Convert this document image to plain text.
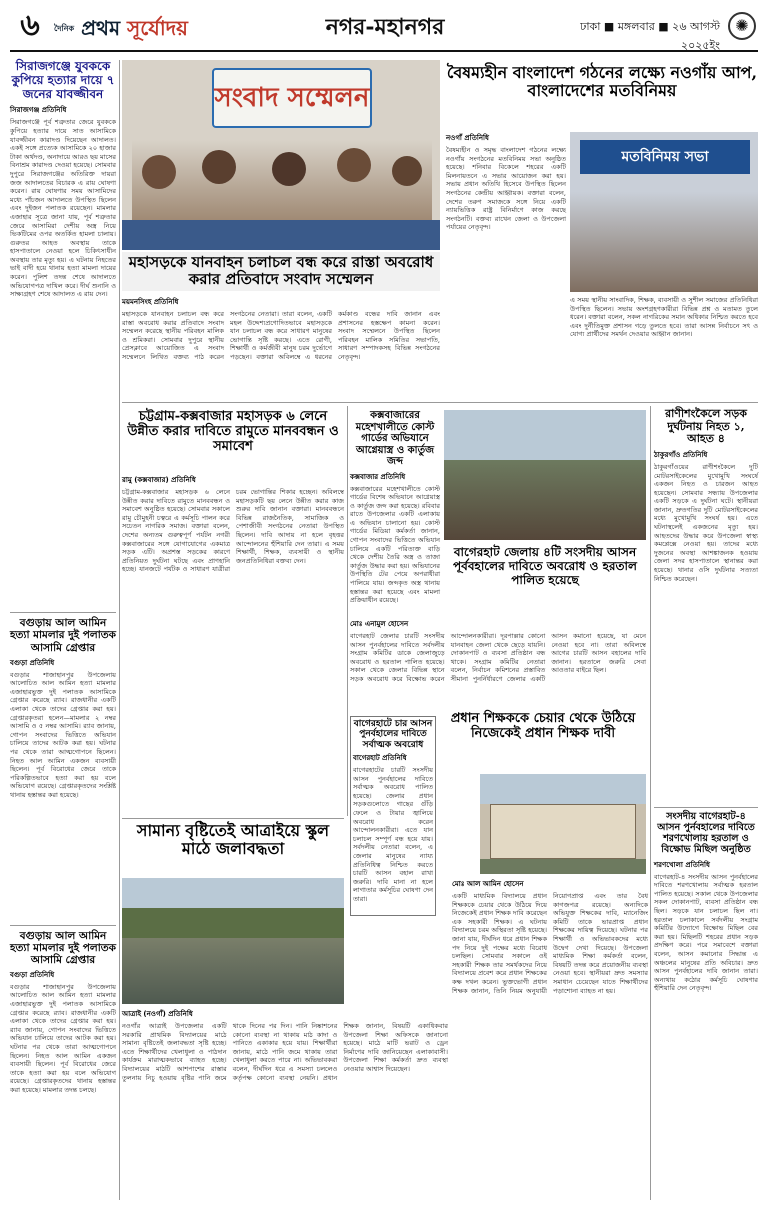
৬	$^{দৈনিক}$ প্রথম সূর্যোদয়	নগর-মহানগর	ঢাকা ■ মঙ্গলবার ■ ২৬ আগস্ট ২০২৫ইং
✺
সিরাজগঞ্জে যুবককে কুপিয়ে হত্যার দায়ে ৭ জনের যাবজ্জীবন
সিরাজগঞ্জ প্রতিনিধি
সিরাজগঞ্জে পূর্ব শত্রুতার জেরে যুবককে কুপিয়ে হত্যার দায়ে সাত আসামিকে যাবজ্জীবন কারাদণ্ড দিয়েছেন আদালত। একই সঙ্গে প্রত্যেক আসামিকে ২০ হাজার টাকা অর্থদণ্ড, অনাদায়ে আরও ছয় মাসের বিনাশ্রম কারাদণ্ড দেওয়া হয়েছে। সোমবার দুপুরে সিরাজগঞ্জের অতিরিক্ত দায়রা জজ আদালতের বিচারক এ রায় ঘোষণা করেন। রায় ঘোষণার সময় আসামিদের মধ্যে পাঁচজন আদালতে উপস্থিত ছিলেন এবং দুইজন পলাতক রয়েছেন। মামলার এজাহার সূত্রে জানা যায়, পূর্ব শত্রুতার জেরে আসামিরা দেশীয় অস্ত্র নিয়ে ভিকটিমের ওপর অতর্কিত হামলা চালায়। গুরুতর আহত অবস্থায় তাকে হাসপাতালে নেওয়া হলে চিকিৎসাধীন অবস্থায় তার মৃত্যু হয়। এ ঘটনায় নিহতের ভাই বাদী হয়ে থানায় হত্যা মামলা দায়ের করেন। পুলিশ তদন্ত শেষে আদালতে অভিযোগপত্র দাখিল করে। দীর্ঘ শুনানি ও সাক্ষ্যগ্রহণ শেষে আদালত এ রায় দেন।
বগুড়ায় আল আমিন হত্যা মামলার দুই পলাতক আসামি গ্রেপ্তার
বগুড়া প্রতিনিধি
বগুড়ার শাজাহানপুর উপজেলায় আলোচিত আল আমিন হত্যা মামলার এজাহারভুক্ত দুই পলাতক আসামিকে গ্রেপ্তার করেছে র‍্যাব। রাজধানীর একটি এলাকা থেকে তাদের গ্রেপ্তার করা হয়। গ্রেপ্তারকৃতরা হলেন—মামলার ২ নম্বর আসামি ও ৫ নম্বর আসামি। র‍্যাব জানায়, গোপন সংবাদের ভিত্তিতে অভিযান চালিয়ে তাদের আটক করা হয়। ঘটনার পর থেকে তারা আত্মগোপনে ছিলেন। নিহত আল আমিন একজন ব্যবসায়ী ছিলেন। পূর্ব বিরোধের জেরে তাকে পরিকল্পিতভাবে হত্যা করা হয় বলে অভিযোগ রয়েছে। গ্রেপ্তারকৃতদের সংশ্লিষ্ট থানায় হস্তান্তর করা হয়েছে।
বগুড়ায় আল আমিন হত্যা মামলার দুই পলাতক আসামি গ্রেপ্তার
বগুড়া প্রতিনিধি
বগুড়ার শাজাহানপুর উপজেলায় আলোচিত আল আমিন হত্যা মামলার এজাহারভুক্ত দুই পলাতক আসামিকে গ্রেপ্তার করেছে র‍্যাব। রাজধানীর একটি এলাকা থেকে তাদের গ্রেপ্তার করা হয়। র‍্যাব জানায়, গোপন সংবাদের ভিত্তিতে অভিযান চালিয়ে তাদের আটক করা হয়। ঘটনার পর থেকে তারা আত্মগোপনে ছিলেন। নিহত আল আমিন একজন ব্যবসায়ী ছিলেন। পূর্ব বিরোধের জেরে তাকে হত্যা করা হয় বলে অভিযোগ রয়েছে। গ্রেপ্তারকৃতদের থানায় হস্তান্তর করা হয়েছে। মামলার তদন্ত চলছে।
সংবাদ সম্মেলন
মহাসড়কে যানবাহন চলাচল বন্ধ করে রাস্তা অবরোধ করার প্রতিবাদে সংবাদ সম্মেলন
ময়মনসিংহ প্রতিনিধি
মহাসড়কে যানবাহন চলাচল বন্ধ করে রাস্তা অবরোধ করার প্রতিবাদে সংবাদ সম্মেলন করেছে স্থানীয় পরিবহন মালিক ও শ্রমিকরা। সোমবার দুপুরে স্থানীয় প্রেসক্লাবে আয়োজিত এ সংবাদ সম্মেলনে লিখিত বক্তব্য পাঠ করেন সংগঠনের নেতারা। তারা বলেন, একটি মহল উদ্দেশ্যপ্রণোদিতভাবে মহাসড়কে যান চলাচল বন্ধ করে সাধারণ মানুষের ভোগান্তি সৃষ্টি করছে। এতে রোগী, শিক্ষার্থী ও কর্মজীবী মানুষ চরম দুর্ভোগে পড়ছেন। বক্তারা অবিলম্বে এ ধরনের কর্মকাণ্ড বন্ধের দাবি জানান এবং প্রশাসনের হস্তক্ষেপ কামনা করেন। সংবাদ সম্মেলনে উপস্থিত ছিলেন পরিবহন মালিক সমিতির সভাপতি, সাধারণ সম্পাদকসহ বিভিন্ন সংগঠনের নেতৃবৃন্দ।
বৈষম্যহীন বাংলাদেশ গঠনের লক্ষ্যে নওগাঁয় আপ, বাংলাদেশের মতবিনিময়
নওগাঁ প্রতিনিধি
বৈষম্যহীন ও সমৃদ্ধ বাংলাদেশ গঠনের লক্ষ্যে নওগাঁয় সংগঠনের মতবিনিময় সভা অনুষ্ঠিত হয়েছে। শনিবার বিকেলে শহরের একটি মিলনায়তনে এ সভার আয়োজন করা হয়। সভায় প্রধান অতিথি হিসেবে উপস্থিত ছিলেন সংগঠনের কেন্দ্রীয় আহ্বায়ক। বক্তারা বলেন, দেশের তরুণ সমাজকে সঙ্গে নিয়ে একটি ন্যায়ভিত্তিক রাষ্ট্র বিনির্মাণে কাজ করছে সংগঠনটি। বক্তব্য রাখেন জেলা ও উপজেলা পর্যায়ের নেতৃবৃন্দ।
মতবিনিময় সভা
এ সময় স্থানীয় সাংবাদিক, শিক্ষক, ব্যবসায়ী ও সুশীল সমাজের প্রতিনিধিরা উপস্থিত ছিলেন। সভায় অংশগ্রহণকারীরা বিভিন্ন প্রশ্ন ও মতামত তুলে ধরেন। বক্তারা বলেন, সকল নাগরিকের সমান অধিকার নিশ্চিত করতে হবে এবং দুর্নীতিমুক্ত প্রশাসন গড়ে তুলতে হবে। তারা আসন্ন নির্বাচনে সৎ ও যোগ্য প্রার্থীদের সমর্থন দেওয়ার আহ্বান জানান।
রাণীশংকৈলে সড়ক দুর্ঘটনায় নিহত ১, আহত ৪
ঠাকুরগাঁও প্রতিনিধি
ঠাকুরগাঁওয়ের রাণীশংকৈলে দুটি মোটরসাইকেলের মুখোমুখি সংঘর্ষে একজন নিহত ও চারজন আহত হয়েছেন। সোমবার সন্ধ্যায় উপজেলার একটি সড়কে এ দুর্ঘটনা ঘটে। স্থানীয়রা জানান, দ্রুতগতির দুটি মোটরসাইকেলের মধ্যে মুখোমুখি সংঘর্ষ হয়। এতে ঘটনাস্থলেই একজনের মৃত্যু হয়। আহতদের উদ্ধার করে উপজেলা স্বাস্থ্য কমপ্লেক্সে নেওয়া হয়। তাদের মধ্যে দুজনের অবস্থা আশঙ্কাজনক হওয়ায় জেলা সদর হাসপাতালে স্থানান্তর করা হয়েছে। থানার ওসি দুর্ঘটনার সত্যতা নিশ্চিত করেছেন।
সংসদীয় বাগেরহাট-৪ আসন পুর্নবহালের দাবিতে শরণখোলায় হরতাল ও বিক্ষোভ মিছিল অনুষ্ঠিত
শরণখোলা প্রতিনিধি
বাগেরহাট-৪ সংসদীয় আসন পুনর্বহালের দাবিতে শরণখোলায় সর্বাত্মক হরতাল পালিত হয়েছে। সকাল থেকে উপজেলার সকল দোকানপাট, ব্যবসা প্রতিষ্ঠান বন্ধ ছিল। সড়কে যান চলাচল ছিল না। হরতাল চলাকালে সর্বদলীয় সংগ্রাম কমিটির উদ্যোগে বিক্ষোভ মিছিল বের করা হয়। মিছিলটি শহরের প্রধান সড়ক প্রদক্ষিণ করে। পরে সমাবেশে বক্তারা বলেন, আসন কমানোর সিদ্ধান্ত এ অঞ্চলের মানুষের প্রতি অবিচার। দ্রুত আসন পুনর্বহালের দাবি জানান তারা। অন্যথায় কঠোর কর্মসূচি ঘোষণার হুঁশিয়ারি দেন নেতৃবৃন্দ।
চট্টগ্রাম-কক্সবাজার মহাসড়ক ৬ লেনে উন্নীত করার দাবিতে রামুতে মানববন্ধন ও সমাবেশ
রামু (কক্সবাজার) প্রতিনিধি
চট্টগ্রাম-কক্সবাজার মহাসড়ক ৬ লেনে উন্নীত করার দাবিতে রামুতে মানববন্ধন ও সমাবেশ অনুষ্ঠিত হয়েছে। সোমবার সকালে রামু চৌমুহনী চত্বরে এ কর্মসূচি পালন করে সচেতন নাগরিক সমাজ। বক্তারা বলেন, দেশের অন্যতম গুরুত্বপূর্ণ পর্যটন নগরী কক্সবাজারের সঙ্গে যোগাযোগের একমাত্র সড়ক এটি। অপ্রশস্ত সড়কের কারণে প্রতিনিয়ত দুর্ঘটনা ঘটছে এবং প্রাণহানি হচ্ছে। যানজটে পর্যটক ও সাধারণ যাত্রীরা চরম ভোগান্তির শিকার হচ্ছেন। অবিলম্বে মহাসড়কটি ছয় লেনে উন্নীত করার কাজ শুরুর দাবি জানান বক্তারা। মানববন্ধনে বিভিন্ন রাজনৈতিক, সামাজিক ও পেশাজীবী সংগঠনের নেতারা উপস্থিত ছিলেন। দাবি আদায় না হলে বৃহত্তর আন্দোলনের হুঁশিয়ারি দেন তারা। এ সময় শিক্ষার্থী, শিক্ষক, ব্যবসায়ী ও স্থানীয় জনপ্রতিনিধিরা বক্তব্য দেন।
কক্সবাজারের মহেশখালীতে কোস্ট গার্ডের অভিযানে
আগ্নেয়াস্ত্র ও কার্তুজ জব্দ
কক্সবাজার প্রতিনিধি
কক্সবাজারের মহেশখালীতে কোস্ট গার্ডের বিশেষ অভিযানে আগ্নেয়াস্ত্র ও কার্তুজ জব্দ করা হয়েছে। রবিবার রাতে উপজেলার একটি এলাকায় এ অভিযান চালানো হয়। কোস্ট গার্ডের মিডিয়া কর্মকর্তা জানান, গোপন সংবাদের ভিত্তিতে অভিযান চালিয়ে একটি পরিত্যক্ত বাড়ি থেকে দেশীয় তৈরি অস্ত্র ও তাজা কার্তুজ উদ্ধার করা হয়। অভিযানের উপস্থিতি টের পেয়ে অপরাধীরা পালিয়ে যায়। জব্দকৃত অস্ত্র থানায় হস্তান্তর করা হয়েছে এবং মামলা প্রক্রিয়াধীন রয়েছে।
বাগেরহাট জেলায় ৪টি সংসদীয় আসন পূর্ববহালের দাবিতে অবরোধ ও হরতাল পালিত হয়েছে
মোঃ এনামুল হোসেন
বাগেরহাট জেলার চারটি সংসদীয় আসন পুনর্বহালের দাবিতে সর্বদলীয় সংগ্রাম কমিটির ডাকে জেলাজুড়ে অবরোধ ও হরতাল পালিত হয়েছে। সকাল থেকে জেলার বিভিন্ন স্থানে সড়ক অবরোধ করে বিক্ষোভ করেন আন্দোলনকারীরা। দূরপাল্লার কোনো যানবাহন জেলা থেকে ছেড়ে যায়নি। দোকানপাট ও ব্যবসা প্রতিষ্ঠান বন্ধ থাকে। সংগ্রাম কমিটির নেতারা বলেন, নির্বাচন কমিশনের প্রস্তাবিত সীমানা পুনর্নির্ধারণে জেলার একটি আসন কমানো হয়েছে, যা মেনে নেওয়া হবে না। তারা অবিলম্বে আগের চারটি আসন বহালের দাবি জানান। হরতালে জরুরি সেবা আওতার বাইরে ছিল।
প্রধান শিক্ষককে চেয়ার থেকে উঠিয়ে নিজেকেই প্রধান শিক্ষক দাবী
বাগেরহাটে চার আসন পুনর্বহালের দাবিতে সর্বাত্মক অবরোধ
বাগেরহাট প্রতিনিধি
বাগেরহাটের চারটি সংসদীয় আসন পুনর্বহালের দাবিতে সর্বাত্মক অবরোধ পালিত হয়েছে। জেলার প্রধান সড়কগুলোতে গাছের গুঁড়ি ফেলে ও টায়ার জ্বালিয়ে অবরোধ করেন আন্দোলনকারীরা। এতে যান চলাচল সম্পূর্ণ বন্ধ হয়ে যায়। সর্বদলীয় নেতারা বলেন, এ জেলার মানুষের ন্যায্য প্রতিনিধিত্ব নিশ্চিত করতে চারটি আসন বহাল রাখা জরুরি। দাবি মানা না হলে লাগাতার কর্মসূচির ঘোষণা দেন তারা।
সামান্য বৃষ্টিতেই আত্রাইয়ে স্কুল মাঠে জলাবদ্ধতা
আত্রাই (নওগাঁ) প্রতিনিধি
নওগাঁর আত্রাই উপজেলার একটি সরকারি প্রাথমিক বিদ্যালয়ের মাঠে সামান্য বৃষ্টিতেই জলাবদ্ধতা সৃষ্টি হচ্ছে। এতে শিক্ষার্থীদের খেলাধুলা ও পাঠদান কার্যক্রম মারাত্মকভাবে ব্যাহত হচ্ছে। বিদ্যালয়ের মাঠটি আশপাশের রাস্তার তুলনায় নিচু হওয়ায় বৃষ্টির পানি জমে থাকে দিনের পর দিন। পানি নিষ্কাশনের কোনো ব্যবস্থা না থাকায় মাঠ কাদা ও পানিতে একাকার হয়ে যায়। শিক্ষার্থীরা জানায়, মাঠে পানি জমে থাকায় তারা খেলাধুলা করতে পারে না। অভিভাবকরা বলেন, দীর্ঘদিন ধরে এ সমস্যা চললেও কর্তৃপক্ষ কোনো ব্যবস্থা নেয়নি। প্রধান শিক্ষক জানান, বিষয়টি একাধিকবার উপজেলা শিক্ষা অফিসকে জানানো হয়েছে। মাঠে মাটি ভরাট ও ড্রেন নির্মাণের দাবি জানিয়েছেন এলাকাবাসী। উপজেলা শিক্ষা কর্মকর্তা দ্রুত ব্যবস্থা নেওয়ার আশ্বাস দিয়েছেন।
মোঃ আল আমিন হোসেন
একটি মাধ্যমিক বিদ্যালয়ে প্রধান শিক্ষককে চেয়ার থেকে উঠিয়ে দিয়ে নিজেকেই প্রধান শিক্ষক দাবি করেছেন এক সহকারী শিক্ষক। এ ঘটনায় বিদ্যালয়ে চরম অস্থিরতা সৃষ্টি হয়েছে। জানা যায়, দীর্ঘদিন ধরে প্রধান শিক্ষক পদ নিয়ে দুই পক্ষের মধ্যে বিরোধ চলছিল। সোমবার সকালে ওই সহকারী শিক্ষক তার সমর্থকদের নিয়ে বিদ্যালয়ে প্রবেশ করে প্রধান শিক্ষকের কক্ষ দখল করেন। ভুক্তভোগী প্রধান শিক্ষক জানান, তিনি নিয়ম অনুযায়ী নিয়োগপ্রাপ্ত এবং তার বৈধ কাগজপত্র রয়েছে। অন্যদিকে অভিযুক্ত শিক্ষকের দাবি, ম্যানেজিং কমিটি তাকে ভারপ্রাপ্ত প্রধান শিক্ষকের দায়িত্ব দিয়েছে। ঘটনার পর শিক্ষার্থী ও অভিভাবকদের মধ্যে উদ্বেগ দেখা দিয়েছে। উপজেলা মাধ্যমিক শিক্ষা কর্মকর্তা বলেন, বিষয়টি তদন্ত করে প্রয়োজনীয় ব্যবস্থা নেওয়া হবে। স্থানীয়রা দ্রুত সমস্যার সমাধান চেয়েছেন যাতে শিক্ষার্থীদের পড়াশোনা ব্যাহত না হয়।
